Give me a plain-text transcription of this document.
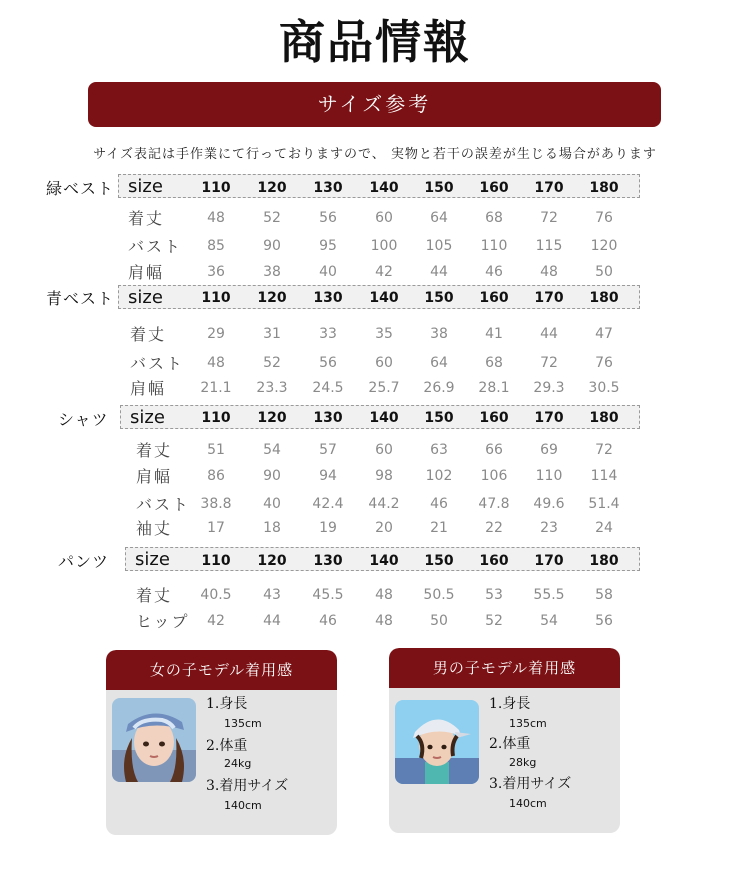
商品情報
サイズ参考
サイズ表記は手作業にて行っておりますので、 実物と若干の誤差が生じる場合があります
緑ベスト size	110	120	130	140	150	160	170	180
着丈	48	52	56	60	64	68	72	76
バスト	85	90	95	100	105	110	115	120
肩幅	36	38	40	42	44	46	48	50
青ベスト size	110	120	130	140	150	160	170	180
着丈	29	31	33	35	38	41	44	47
バスト	48	52	56	60	64	68	72	76
肩幅	21.1	23.3	24.5	25.7	26.9	28.1	29.3	30.5
シャツ size	110	120	130	140	150	160	170	180
着丈	51	54	57	60	63	66	69	72
肩幅	86	90	94	98	102	106	110	114
バスト 38.8	40	42.4	44.2	46	47.8	49.6	51.4
袖丈	17	18	19	20	21	22	23	24
パンツ size	110	120	130	140	150	160	170	180
着丈	40.5	43	45.5	48	50.5	53	55.5	58
ヒップ	42	44	46	48	50	52	54	56
女の子モデル着用感
1.身長
135cm
2.体重
24kg
3.着用サイズ
140cm
男の子モデル着用感
1.身長
135cm
2.体重
28kg
3.着用サイズ
140cm
